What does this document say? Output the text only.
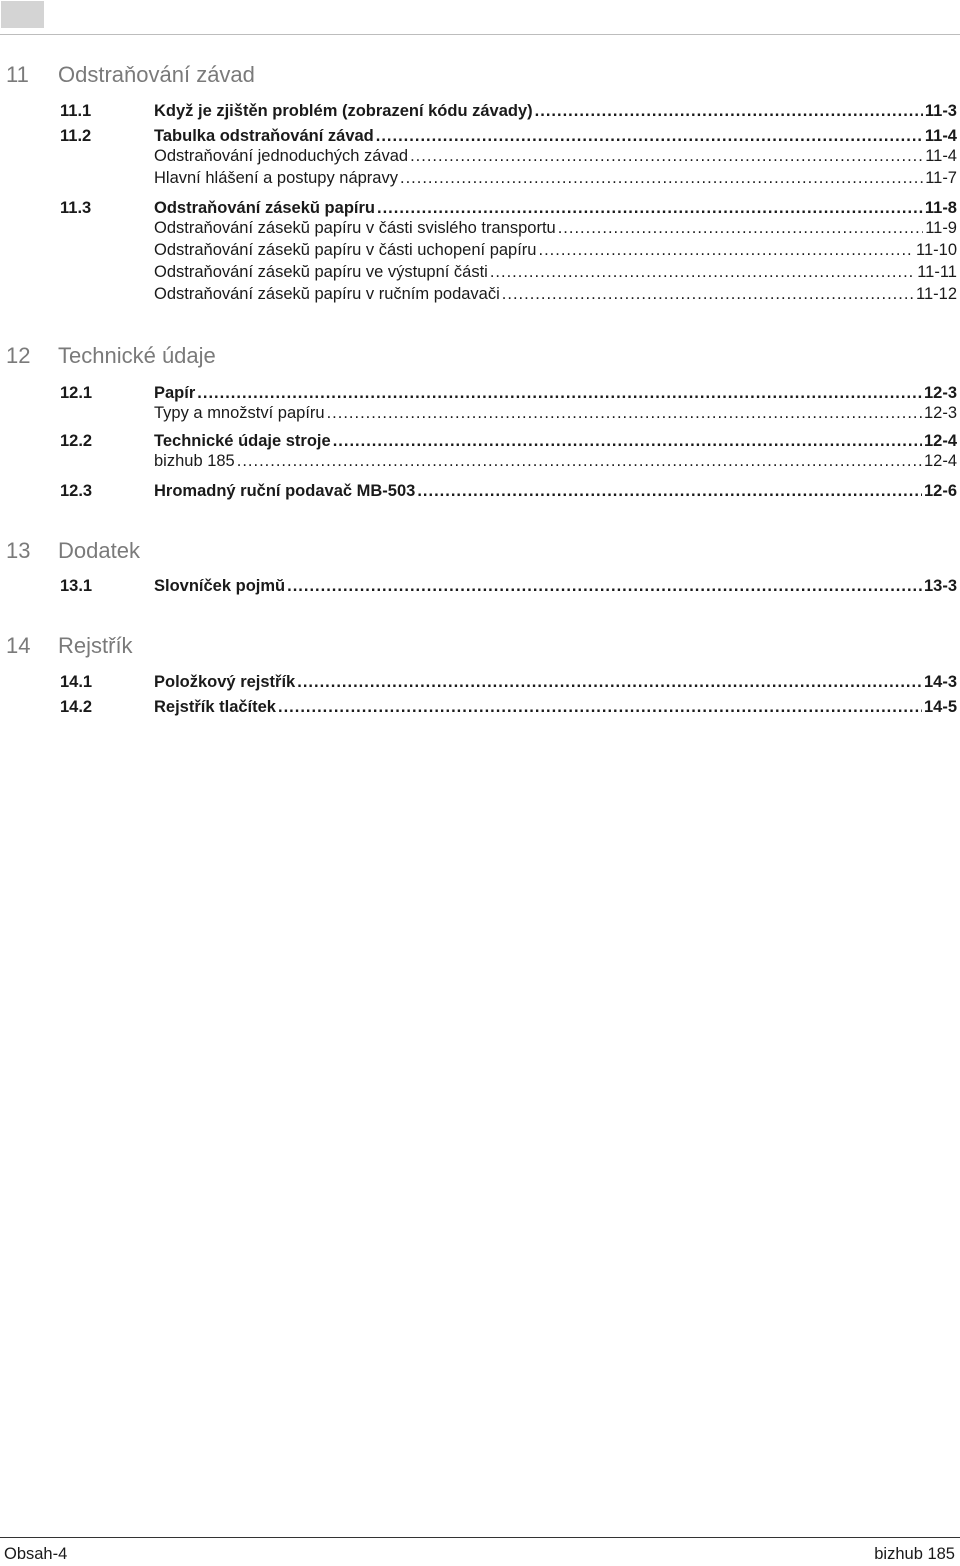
11 Odstraňování závad
11.1	Když je zjištěn problém (zobrazení kódu závady) .....	11-3
11.2	Tabulka odstraňování závad .....	11-4
Odstraňování jednoduchých závad .....	11-4
Hlavní hlášení a postupy nápravy .....	11-7
11.3	Odstraňování zásekŭ papíru .....	11-8
Odstraňování zásekŭ papíru v části svislého transportu .....	11-9
Odstraňování zásekŭ papíru v části uchopení papíru .....	11-10
Odstraňování zásekŭ papíru ve výstupní části .....	11-11
Odstraňování zásekŭ papíru v ručním podavači .....	11-12
12 Technické údaje
12.1	Papír .....	12-3
Typy a množství papíru .....	12-3
12.2	Technické údaje stroje .....	12-4
bizhub 185 .....	12-4
12.3	Hromadný ruční podavač MB-503 .....	12-6
13 Dodatek
13.1	Slovníček pojmŭ .....	13-3
14 Rejstřík
14.1	Položkový rejstřík .....	14-3
14.2	Rejstřík tlačítek .....	14-5
Obsah-4	bizhub 185
